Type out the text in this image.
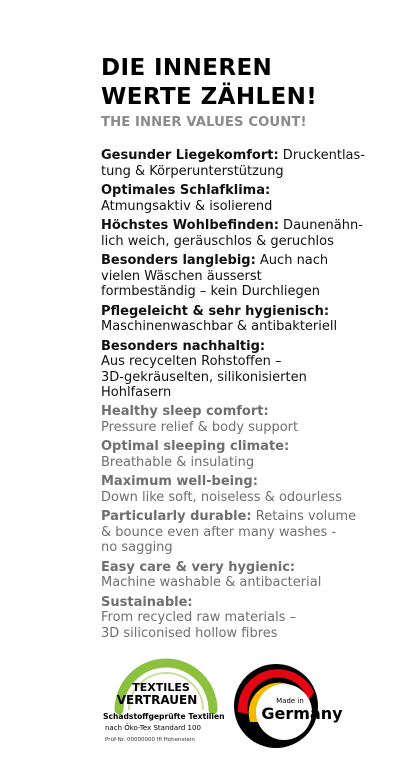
DIE INNEREN
WERTE ZÄHLEN!
THE INNER VALUES COUNT!
Gesunder Liegekomfort: Druckentlas-
tung & Körperunterstützung
Optimales Schlafklima:
Atmungsaktiv & isolierend
Höchstes Wohlbefinden: Daunenähn-
lich weich, geräuschlos & geruchlos
Besonders langlebig: Auch nach
vielen Wäschen äusserst
formbeständig – kein Durchliegen
Pflegeleicht & sehr hygienisch:
Maschinenwaschbar & antibakteriell
Besonders nachhaltig:
Aus recycelten Rohstoffen –
3D-gekräuselten, silikonisierten
Hohlfasern
Healthy sleep comfort:
Pressure relief & body support
Optimal sleeping climate:
Breathable & insulating
Maximum well-being:
Down like soft, noiseless & odourless
Particularly durable: Retains volume
& bounce even after many washes -
no sagging
Easy care & very hygienic:
Machine washable & antibacterial
Sustainable:
From recycled raw materials –
3D siliconised hollow fibres
TEXTILES
VERTRAUEN
Schadstoffgeprüfte Textilien
nach Öko-Tex Standard 100
Prüf-Nr. 00000000 IfI Hohenstein
Made in
Germany
